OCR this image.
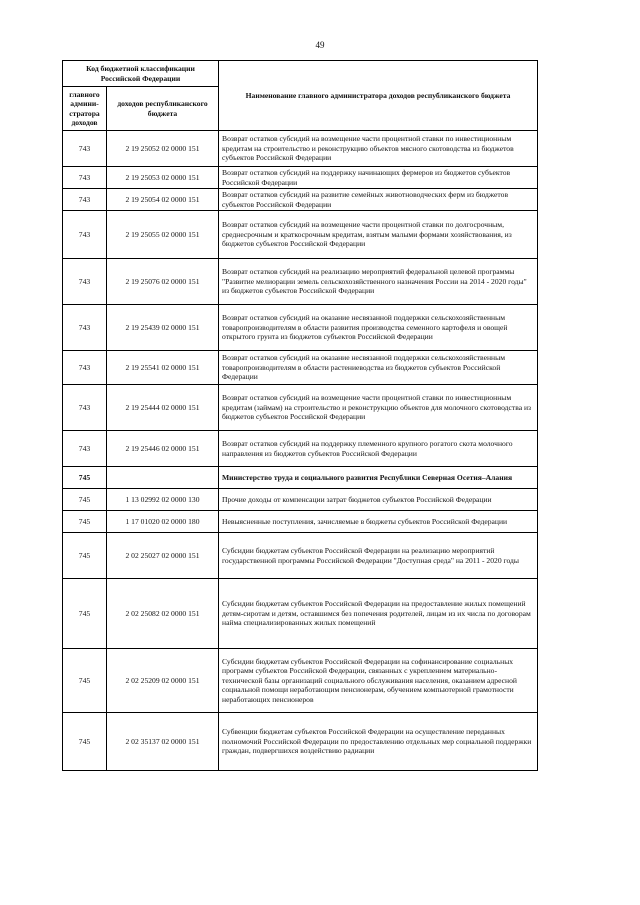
49
Код бюджетной классификации Российской Федерации		Наименование главного администратора доходов республиканского бюджета
главного админи-стратора доходов	доходов республиканского бюджета	
743	2 19 25052 02 0000 151	Возврат остатков субсидий на возмещение части процентной ставки по инвестиционным кредитам на строительство и реконструкцию объектов мясного скотоводства из бюджетов субъектов Российской Федерации
743	2 19 25053 02 0000 151	Возврат остатков субсидий на поддержку начинающих фермеров из бюджетов субъектов Российской Федерации
743	2 19 25054 02 0000 151	Возврат остатков субсидий на развитие семейных животноводческих ферм из бюджетов субъектов Российской Федерации
743	2 19 25055 02 0000 151	Возврат остатков субсидий на возмещение части процентной ставки по долгосрочным, среднесрочным и краткосрочным кредитам, взятым малыми формами хозяйствования, из бюджетов субъектов Российской Федерации
743	2 19 25076 02 0000 151	Возврат остатков субсидий на реализацию мероприятий федеральной целевой программы "Развитие мелиорации земель сельскохозяйственного назначения России на 2014 - 2020 годы" из бюджетов субъектов Российской Федерации
743	2 19 25439 02 0000 151	Возврат остатков субсидий на оказание несвязанной поддержки сельскохозяйственным товаропроизводителям в области развития производства семенного картофеля и овощей открытого грунта из бюджетов субъектов Российской Федерации
743	2 19 25541 02 0000 151	Возврат остатков субсидий на оказание несвязанной поддержки сельскохозяйственным товаропроизводителям в области растениеводства из бюджетов субъектов Российской Федерации
743	2 19 25444 02 0000 151	Возврат остатков субсидий на возмещение части процентной ставки по инвестиционным кредитам (займам) на строительство и реконструкцию объектов для молочного скотоводства из бюджетов субъектов Российской Федерации
743	2 19 25446 02 0000 151	Возврат остатков субсидий на поддержку племенного крупного рогатого скота молочного направления из бюджетов субъектов Российской Федерации
745		Министерство труда и социального развития Республики Северная Осетия–Алания
745	1 13 02992 02 0000 130	Прочие доходы от компенсации затрат бюджетов субъектов Российской Федерации
745	1 17 01020 02 0000 180	Невыясненные поступления, зачисляемые в бюджеты субъектов Российской Федерации
745	2 02 25027 02 0000 151	Субсидии бюджетам субъектов Российской Федерации на реализацию мероприятий государственной программы Российской Федерации "Доступная среда" на 2011 - 2020 годы
745	2 02 25082 02 0000 151	Субсидии бюджетам субъектов Российской Федерации на предоставление жилых помещений детям-сиротам и детям, оставшимся без попечения родителей, лицам из их числа по договорам найма специализированных жилых помещений
745	2 02 25209 02 0000 151	Субсидии бюджетам субъектов Российской Федерации на софинансирование социальных программ субъектов Российской Федерации, связанных с укреплением материально-технической базы организаций социального обслуживания населения, оказанием адресной социальной помощи неработающим пенсионерам, обучением компьютерной грамотности неработающих пенсионеров
745	2 02 35137 02 0000 151	Субвенции бюджетам субъектов Российской Федерации на осуществление переданных полномочий Российской Федерации по предоставлению отдельных мер социальной поддержки граждан, подвергшихся воздействию радиации
